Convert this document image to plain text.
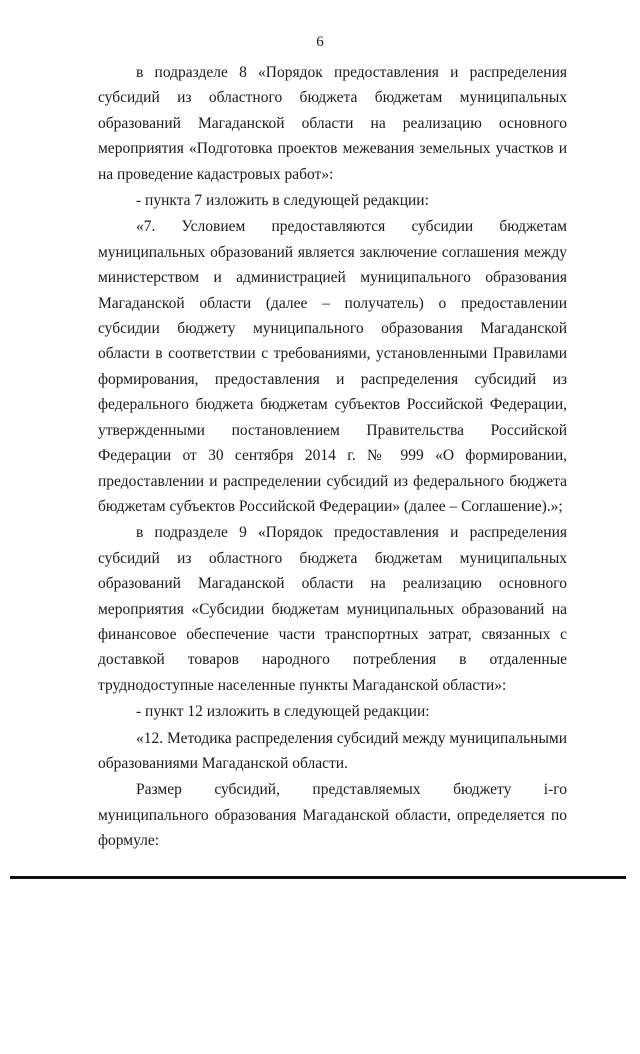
6

в подразделе 8 «Порядок предоставления и распределения субсидий из областного бюджета бюджетам муниципальных образований Магаданской области на реализацию основного мероприятия «Подготовка проектов межевания земельных участков и на проведение кадастровых работ»:

- пункта 7 изложить в следующей редакции:

«7. Условием предоставляются субсидии бюджетам муниципальных образований является заключение соглашения между министерством и администрацией муниципального образования Магаданской области (далее – получатель) о предоставлении субсидии бюджету муниципального образования Магаданской области в соответствии с требованиями, установленными Правилами формирования, предоставления и распределения субсидий из федерального бюджета бюджетам субъектов Российской Федерации, утвержденными постановлением Правительства Российской Федерации от 30 сентября 2014 г. № 999 «О формировании, предоставлении и распределении субсидий из федерального бюджета бюджетам субъектов Российской Федерации» (далее – Соглашение).»;

в подразделе 9 «Порядок предоставления и распределения субсидий из областного бюджета бюджетам муниципальных образований Магаданской области на реализацию основного мероприятия «Субсидии бюджетам муниципальных образований на финансовое обеспечение части транспортных затрат, связанных с доставкой товаров народного потребления в отдаленные труднодоступные населенные пункты Магаданской области»:

- пункт 12 изложить в следующей редакции:

«12. Методика распределения субсидий между муниципальными образованиями Магаданской области.

Размер субсидий, представляемых бюджету i-го муниципального образования Магаданской области, определяется по формуле:
